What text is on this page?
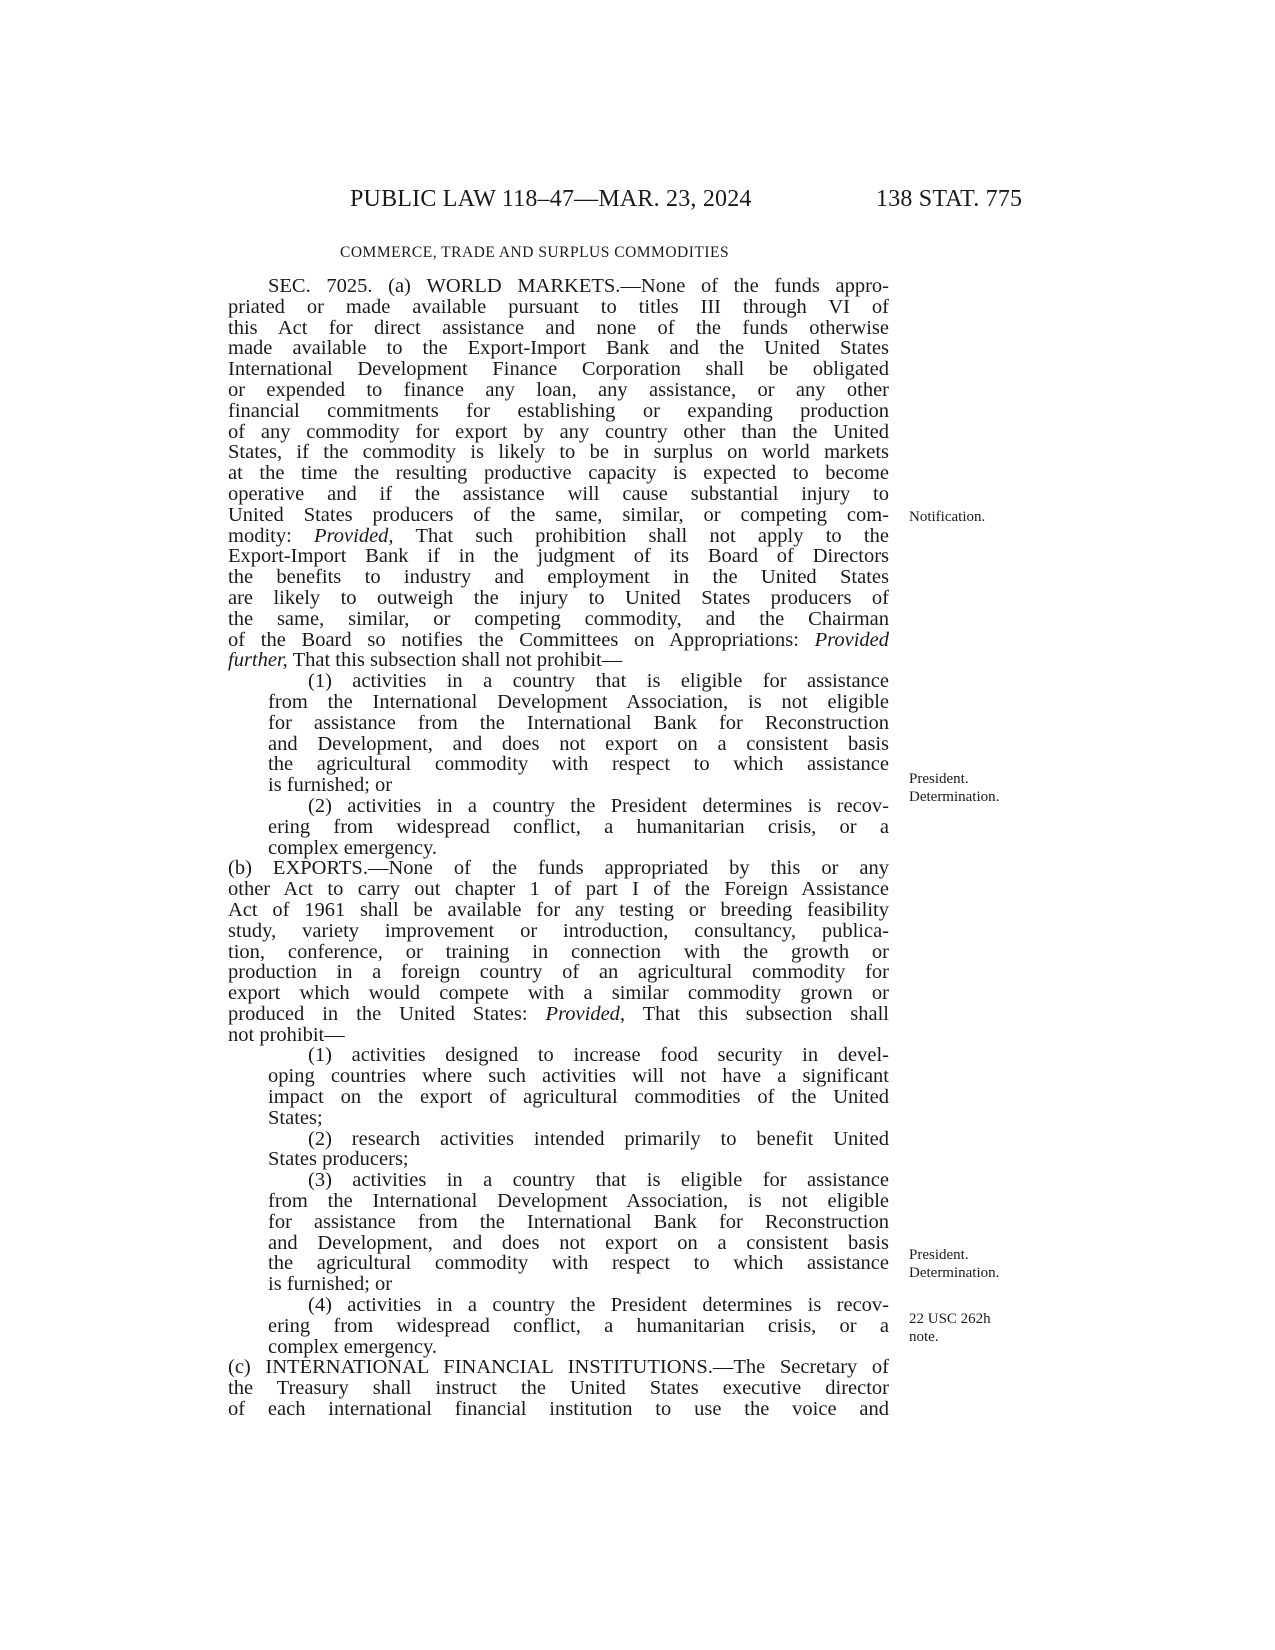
PUBLIC LAW 118–47—MAR. 23, 2024	138 STAT. 775
COMMERCE, TRADE AND SURPLUS COMMODITIES
SEC. 7025. (a) WORLD MARKETS.—None of the funds appro-
priated or made available pursuant to titles III through VI of
this Act for direct assistance and none of the funds otherwise
made available to the Export-Import Bank and the United States
International Development Finance Corporation shall be obligated
or expended to finance any loan, any assistance, or any other
financial commitments for establishing or expanding production
of any commodity for export by any country other than the United
States, if the commodity is likely to be in surplus on world markets
at the time the resulting productive capacity is expected to become
operative and if the assistance will cause substantial injury to
United States producers of the same, similar, or competing com-
modity: Provided, That such prohibition shall not apply to the
Export-Import Bank if in the judgment of its Board of Directors
the benefits to industry and employment in the United States
are likely to outweigh the injury to United States producers of
the same, similar, or competing commodity, and the Chairman
of the Board so notifies the Committees on Appropriations: Provided
further, That this subsection shall not prohibit—
(1) activities in a country that is eligible for assistance
from the International Development Association, is not eligible
for assistance from the International Bank for Reconstruction
and Development, and does not export on a consistent basis
the agricultural commodity with respect to which assistance
is furnished; or
(2) activities in a country the President determines is recov-
ering from widespread conflict, a humanitarian crisis, or a
complex emergency.
(b) EXPORTS.—None of the funds appropriated by this or any
other Act to carry out chapter 1 of part I of the Foreign Assistance
Act of 1961 shall be available for any testing or breeding feasibility
study, variety improvement or introduction, consultancy, publica-
tion, conference, or training in connection with the growth or
production in a foreign country of an agricultural commodity for
export which would compete with a similar commodity grown or
produced in the United States: Provided, That this subsection shall
not prohibit—
(1) activities designed to increase food security in devel-
oping countries where such activities will not have a significant
impact on the export of agricultural commodities of the United
States;
(2) research activities intended primarily to benefit United
States producers;
(3) activities in a country that is eligible for assistance
from the International Development Association, is not eligible
for assistance from the International Bank for Reconstruction
and Development, and does not export on a consistent basis
the agricultural commodity with respect to which assistance
is furnished; or
(4) activities in a country the President determines is recov-
ering from widespread conflict, a humanitarian crisis, or a
complex emergency.
(c) INTERNATIONAL FINANCIAL INSTITUTIONS.—The Secretary of
the Treasury shall instruct the United States executive director
of each international financial institution to use the voice and
Notification.
President.
Determination.
President.
Determination.
22 USC 262h
note.
